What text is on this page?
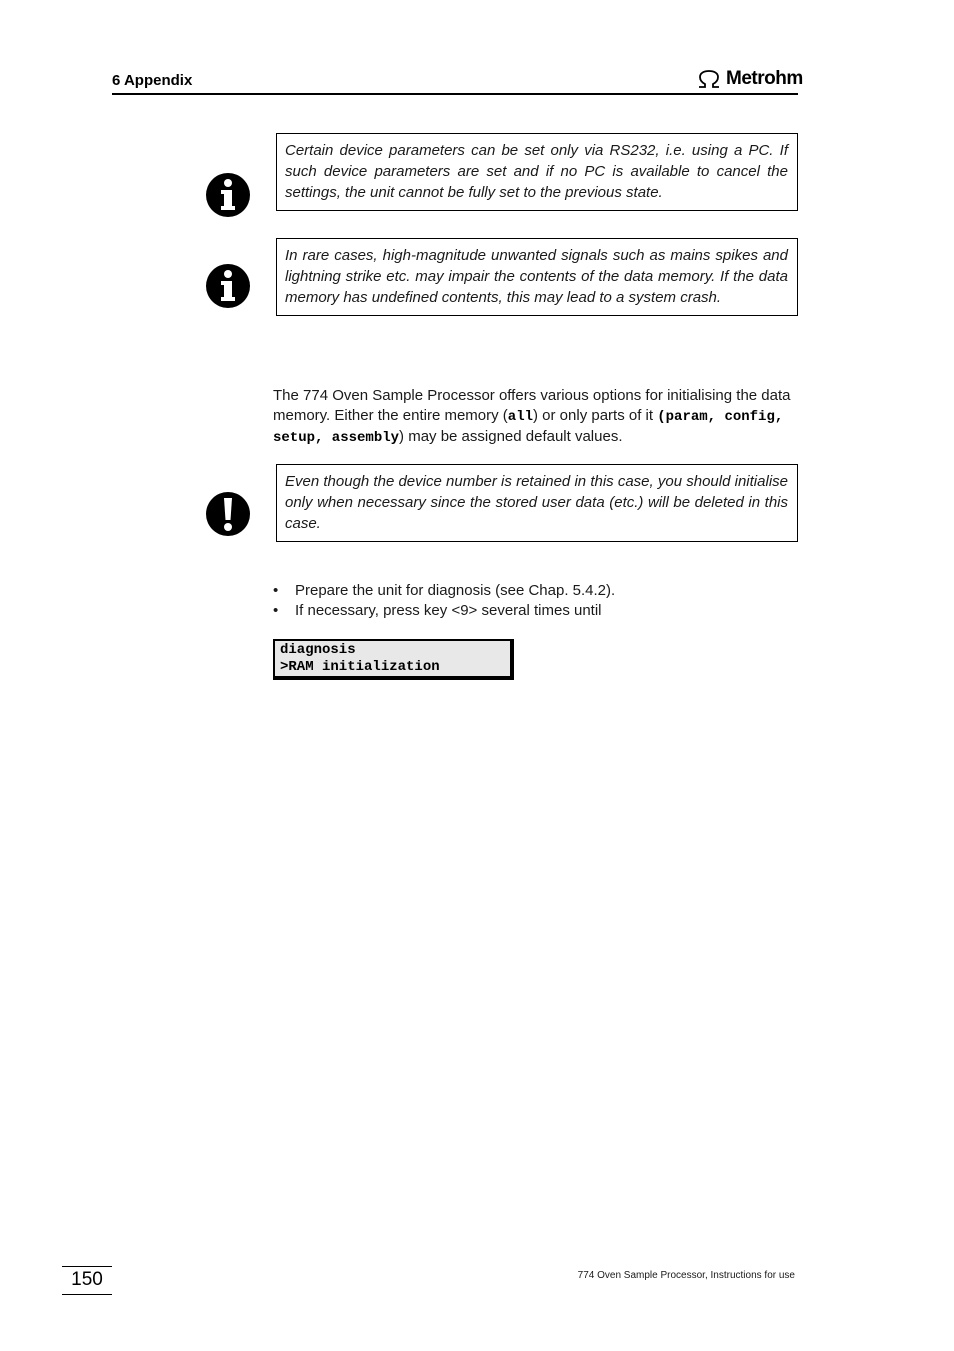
6 Appendix	Metrohm
Certain device parameters can be set only via RS232, i.e. using a PC. If such device parameters are set and if no PC is available to cancel the settings, the unit cannot be fully set to the previous state.
In rare cases, high-magnitude unwanted signals such as mains spikes and lightning strike etc. may impair the contents of the data memory. If the data memory has undefined contents, this may lead to a system crash.
The 774 Oven Sample Processor offers various options for initialising the data memory. Either the entire memory (all) or only parts of it (param, config, setup, assembly) may be assigned default values.
Even though the device number is retained in this case, you should initialise only when necessary since the stored user data (etc.) will be deleted in this case.
• Prepare the unit for diagnosis (see Chap. 5.4.2).
• If necessary, press key <9> several times until
diagnosis
>RAM initialization
150	774 Oven Sample Processor, Instructions for use
